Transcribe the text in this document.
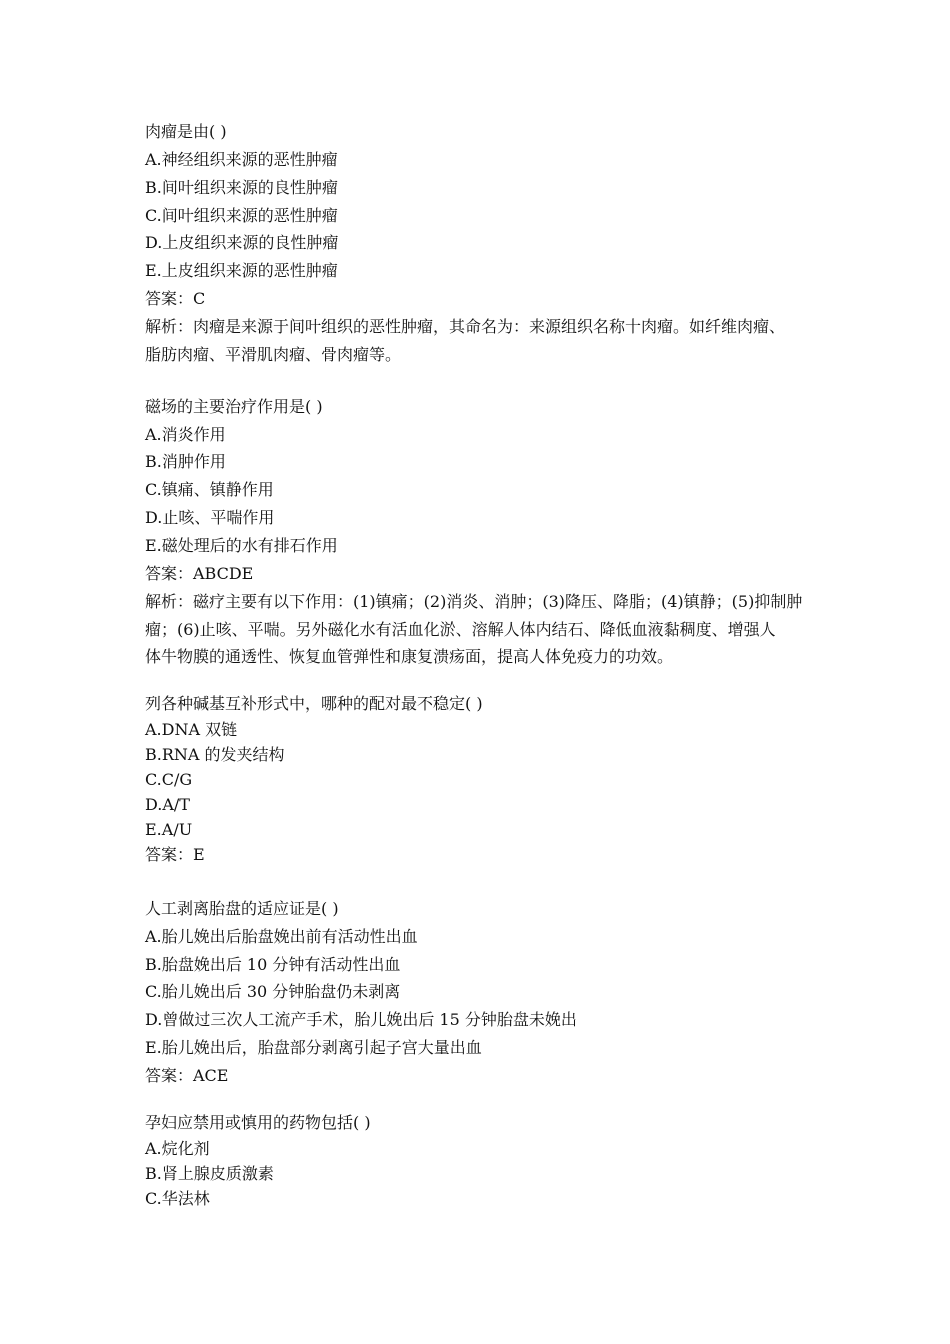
肉瘤是由( )
A.神经组织来源的恶性肿瘤
B.间叶组织来源的良性肿瘤
C.间叶组织来源的恶性肿瘤
D.上皮组织来源的良性肿瘤
E.上皮组织来源的恶性肿瘤
答案：C
解析：肉瘤是来源于间叶组织的恶性肿瘤，其命名为：来源组织名称十肉瘤。如纤维肉瘤、
脂肪肉瘤、平滑肌肉瘤、骨肉瘤等。
磁场的主要治疗作用是( )
A.消炎作用
B.消肿作用
C.镇痛、镇静作用
D.止咳、平喘作用
E.磁处理后的水有排石作用
答案：ABCDE
解析：磁疗主要有以下作用：(1)镇痛；(2)消炎、消肿；(3)降压、降脂；(4)镇静；(5)抑制肿
瘤；(6)止咳、平喘。另外磁化水有活血化淤、溶解人体内结石、降低血液黏稠度、增强人
体牛物膜的通透性、恢复血管弹性和康复溃疡面，提高人体免疫力的功效。
列各种碱基互补形式中，哪种的配对最不稳定( )
A.DNA 双链
B.RNA 的发夹结构
C.C/G
D.A/T
E.A/U
答案：E
人工剥离胎盘的适应证是( )
A.胎儿娩出后胎盘娩出前有活动性出血
B.胎盘娩出后 10 分钟有活动性出血
C.胎儿娩出后 30 分钟胎盘仍未剥离
D.曾做过三次人工流产手术，胎儿娩出后 15 分钟胎盘未娩出
E.胎儿娩出后，胎盘部分剥离引起子宫大量出血
答案：ACE
孕妇应禁用或慎用的药物包括( )
A.烷化剂
B.肾上腺皮质激素
C.华法林
